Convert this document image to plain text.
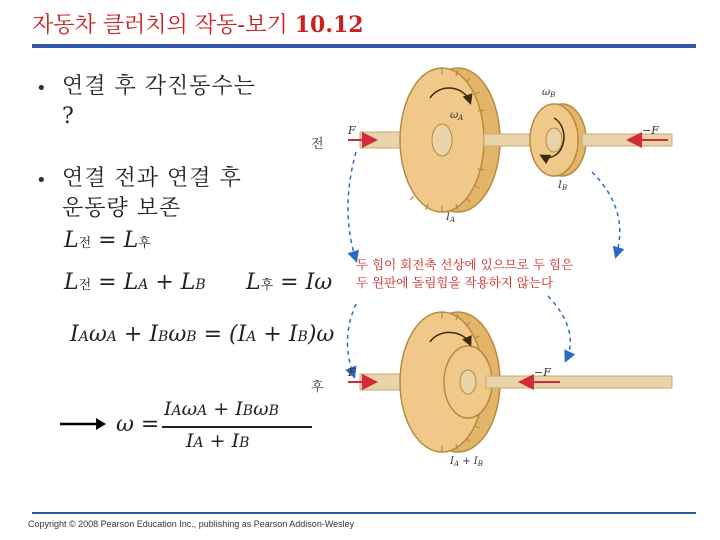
자동차 클러치의 작동-보기 10.12
• 연결 후 각진동수는
?
• 연결 전과 연결 후
운동량 보존
L전 = L후
L전 = LA + LB L후 = Iω
IAωA + IBωB = (IA + IB)ω
ω =
IAωA + IBωB
IA + IB
전
후
두 힘이 회전축 선상에 있으므로 두 힘은
두 원판에 돌림힘을 작용하지 않는다
$\omega_A$
$\omega_B$
F	−F
$I_A$
$I_B$
F	−F
$I_A + I_B$
Copyright © 2008 Pearson Education Inc., publishing as Pearson Addison-Wesley
